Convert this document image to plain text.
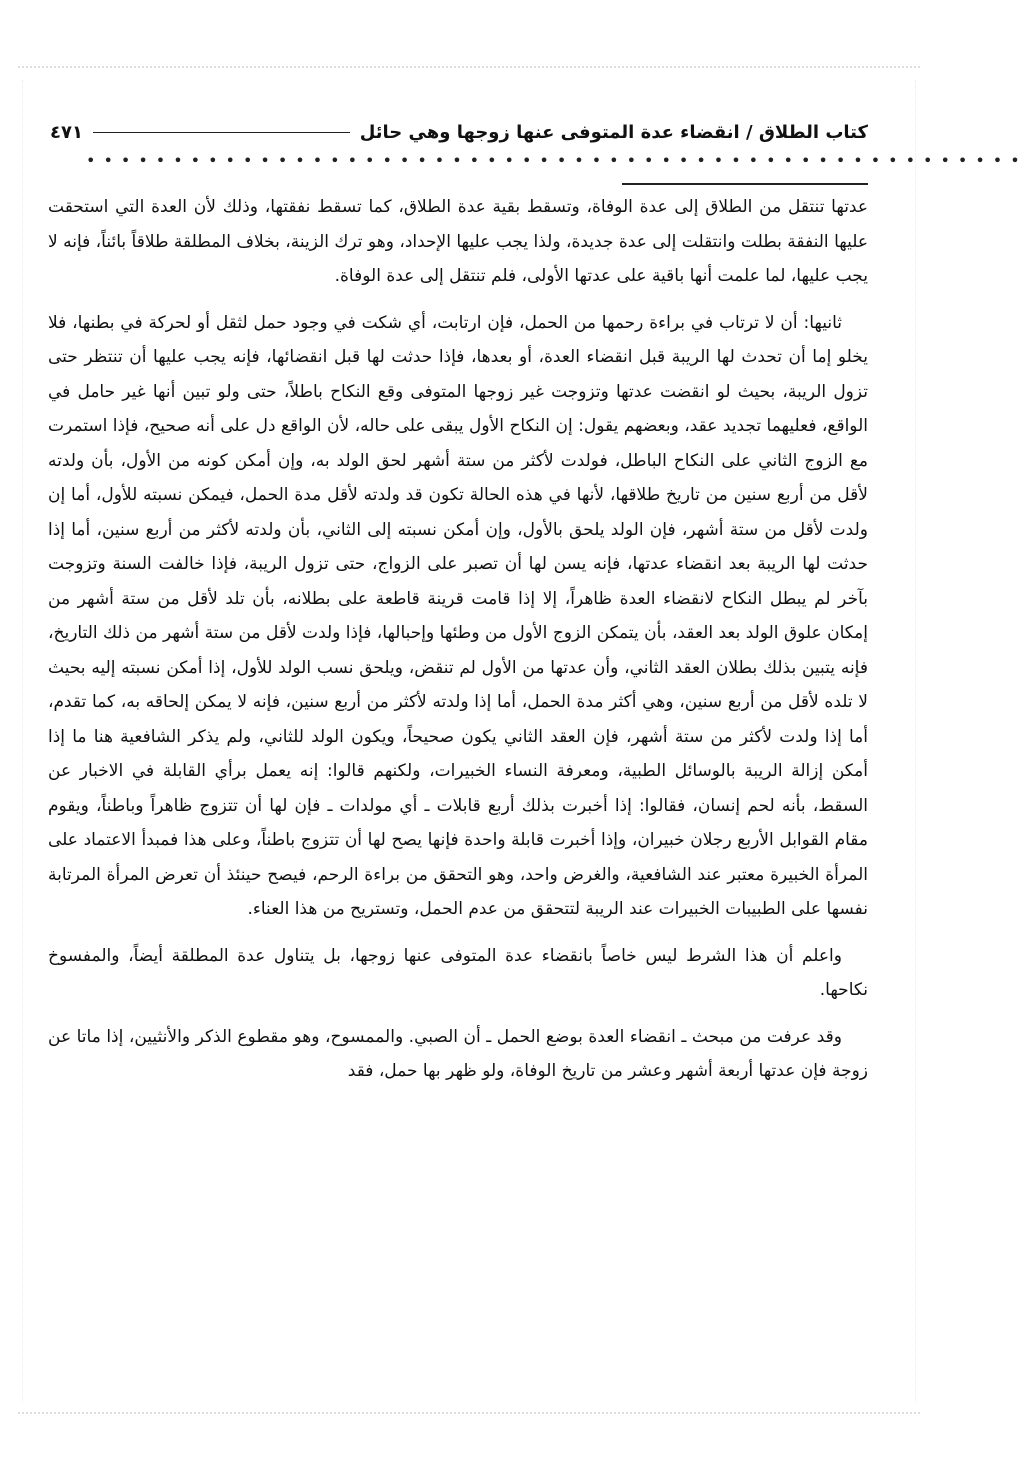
كتاب الطلاق / انقضاء عدة المتوفى عنها زوجها وهي حائل
٤٧١
••••••••••••••••••••••••••••••••••••••••••••••••••••••

عدتها تنتقل من الطلاق إلى عدة الوفاة، وتسقط بقية عدة الطلاق، كما تسقط نفقتها، وذلك لأن العدة التي استحقت عليها النفقة بطلت وانتقلت إلى عدة جديدة، ولذا يجب عليها الإحداد، وهو ترك الزينة، بخلاف المطلقة طلاقاً بائناً، فإنه لا يجب عليها، لما علمت أنها باقية على عدتها الأولى، فلم تنتقل إلى عدة الوفاة.

ثانيها: أن لا ترتاب في براءة رحمها من الحمل، فإن ارتابت، أي شكت في وجود حمل لثقل أو لحركة في بطنها، فلا يخلو إما أن تحدث لها الريبة قبل انقضاء العدة، أو بعدها، فإذا حدثت لها قبل انقضائها، فإنه يجب عليها أن تنتظر حتى تزول الريبة، بحيث لو انقضت عدتها وتزوجت غير زوجها المتوفى وقع النكاح باطلاً، حتى ولو تبين أنها غير حامل في الواقع، فعليهما تجديد عقد، وبعضهم يقول: إن النكاح الأول يبقى على حاله، لأن الواقع دل على أنه صحيح، فإذا استمرت مع الزوج الثاني على النكاح الباطل، فولدت لأكثر من ستة أشهر لحق الولد به، وإن أمكن كونه من الأول، بأن ولدته لأقل من أربع سنين من تاريخ طلاقها، لأنها في هذه الحالة تكون قد ولدته لأقل مدة الحمل، فيمكن نسبته للأول، أما إن ولدت لأقل من ستة أشهر، فإن الولد يلحق بالأول، وإن أمكن نسبته إلى الثاني، بأن ولدته لأكثر من أربع سنين، أما إذا حدثت لها الريبة بعد انقضاء عدتها، فإنه يسن لها أن تصبر على الزواج، حتى تزول الريبة، فإذا خالفت السنة وتزوجت بآخر لم يبطل النكاح لانقضاء العدة ظاهراً، إلا إذا قامت قرينة قاطعة على بطلانه، بأن تلد لأقل من ستة أشهر من إمكان علوق الولد بعد العقد، بأن يتمكن الزوج الأول من وطئها وإحبالها، فإذا ولدت لأقل من ستة أشهر من ذلك التاريخ، فإنه يتبين بذلك بطلان العقد الثاني، وأن عدتها من الأول لم تنقض، ويلحق نسب الولد للأول، إذا أمكن نسبته إليه بحيث لا تلده لأقل من أربع سنين، وهي أكثر مدة الحمل، أما إذا ولدته لأكثر من أربع سنين، فإنه لا يمكن إلحاقه به، كما تقدم، أما إذا ولدت لأكثر من ستة أشهر، فإن العقد الثاني يكون صحيحاً، ويكون الولد للثاني، ولم يذكر الشافعية هنا ما إذا أمكن إزالة الريبة بالوسائل الطبية، ومعرفة النساء الخبيرات، ولكنهم قالوا: إنه يعمل برأي القابلة في الاخبار عن السقط، بأنه لحم إنسان، فقالوا: إذا أخبرت بذلك أربع قابلات ـ أي مولدات ـ فإن لها أن تتزوج ظاهراً وباطناً، ويقوم مقام القوابل الأربع رجلان خبيران، وإذا أخبرت قابلة واحدة فإنها يصح لها أن تتزوج باطناً، وعلى هذا فمبدأ الاعتماد على المرأة الخبيرة معتبر عند الشافعية، والغرض واحد، وهو التحقق من براءة الرحم، فيصح حينئذ أن تعرض المرأة المرتابة نفسها على الطبيبات الخبيرات عند الريبة لتتحقق من عدم الحمل، وتستريح من هذا العناء.

واعلم أن هذا الشرط ليس خاصاً بانقضاء عدة المتوفى عنها زوجها، بل يتناول عدة المطلقة أيضاً، والمفسوخ نكاحها.

وقد عرفت من مبحث ـ انقضاء العدة بوضع الحمل ـ أن الصبي. والممسوح، وهو مقطوع الذكر والأنثيين، إذا ماتا عن زوجة فإن عدتها أربعة أشهر وعشر من تاريخ الوفاة، ولو ظهر بها حمل، فقد
